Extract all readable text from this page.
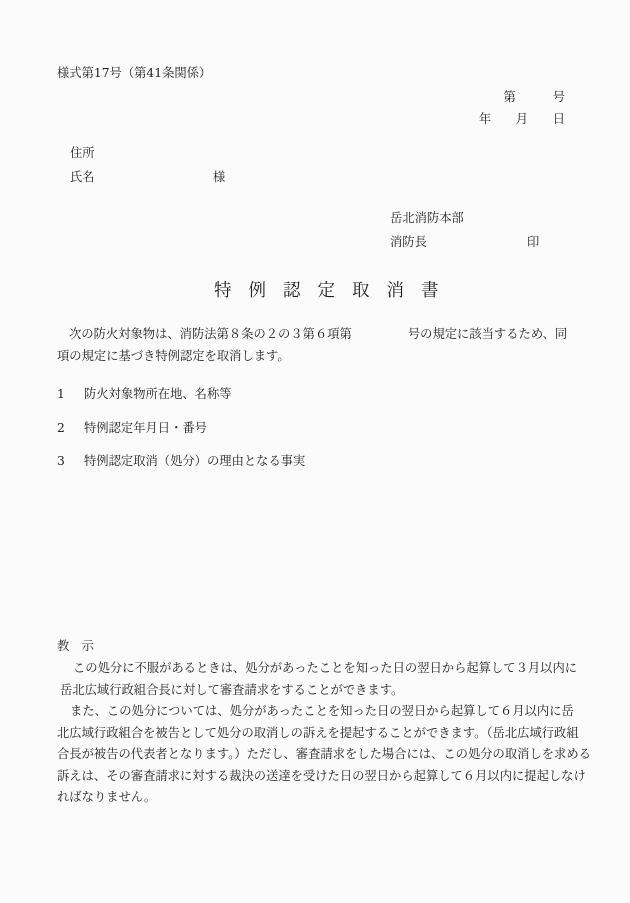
様式第17号（第41条関係）
第　　　号
年　　月　　日
住所
氏名	様
岳北消防本部
消防長	印
特例認定取消書
次の防火対象物は、消防法第８条の２の３第６項第	号の規定に該当するため、同
項の規定に基づき特例認定を取消します。
1 防火対象物所在地、名称等
2 特例認定年月日・番号
3 特例認定取消（処分）の理由となる事実
教　示
この処分に不服があるときは、処分があったことを知った日の翌日から起算して３月以内に
岳北広域行政組合長に対して審査請求をすることができます。
また、この処分については、処分があったことを知った日の翌日から起算して６月以内に岳
北広域行政組合を被告として処分の取消しの訴えを提起することができます。（岳北広域行政組
合長が被告の代表者となります。）ただし、審査請求をした場合には、この処分の取消しを求める
訴えは、その審査請求に対する裁決の送達を受けた日の翌日から起算して６月以内に提起しなけ
ればなりません。
